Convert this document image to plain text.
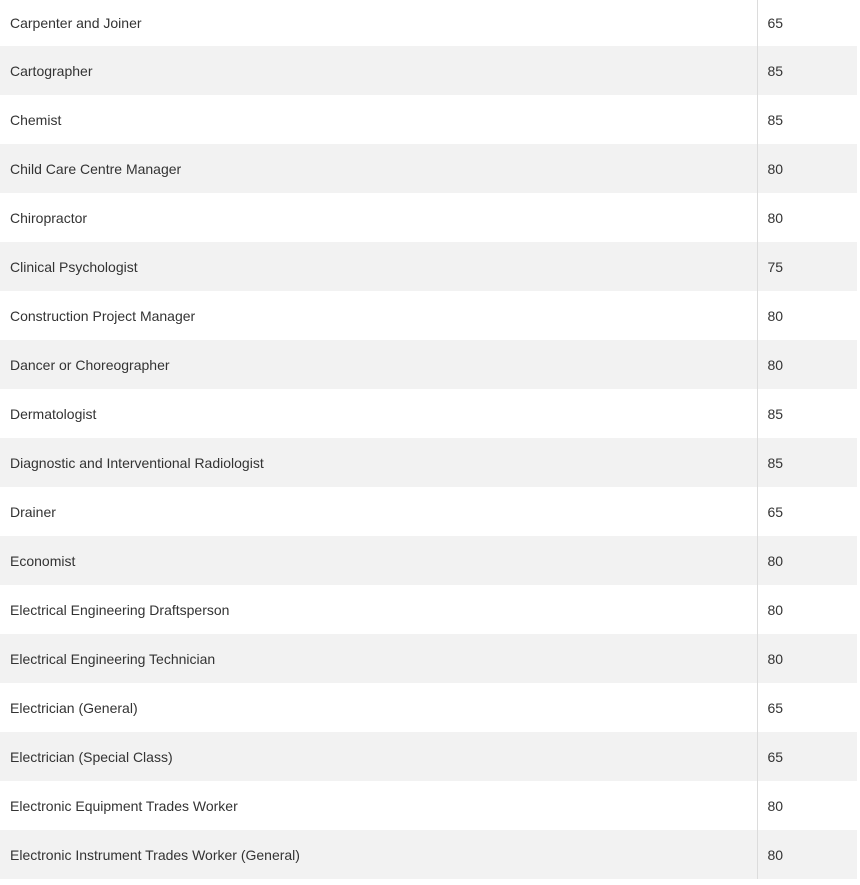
Carpenter and Joiner	65
Cartographer	85
Chemist	85
Child Care Centre Manager	80
Chiropractor	80
Clinical Psychologist	75
Construction Project Manager	80
Dancer or Choreographer	80
Dermatologist	85
Diagnostic and Interventional Radiologist	85
Drainer	65
Economist	80
Electrical Engineering Draftsperson	80
Electrical Engineering Technician	80
Electrician (General)	65
Electrician (Special Class)	65
Electronic Equipment Trades Worker	80
Electronic Instrument Trades Worker (General)	80
